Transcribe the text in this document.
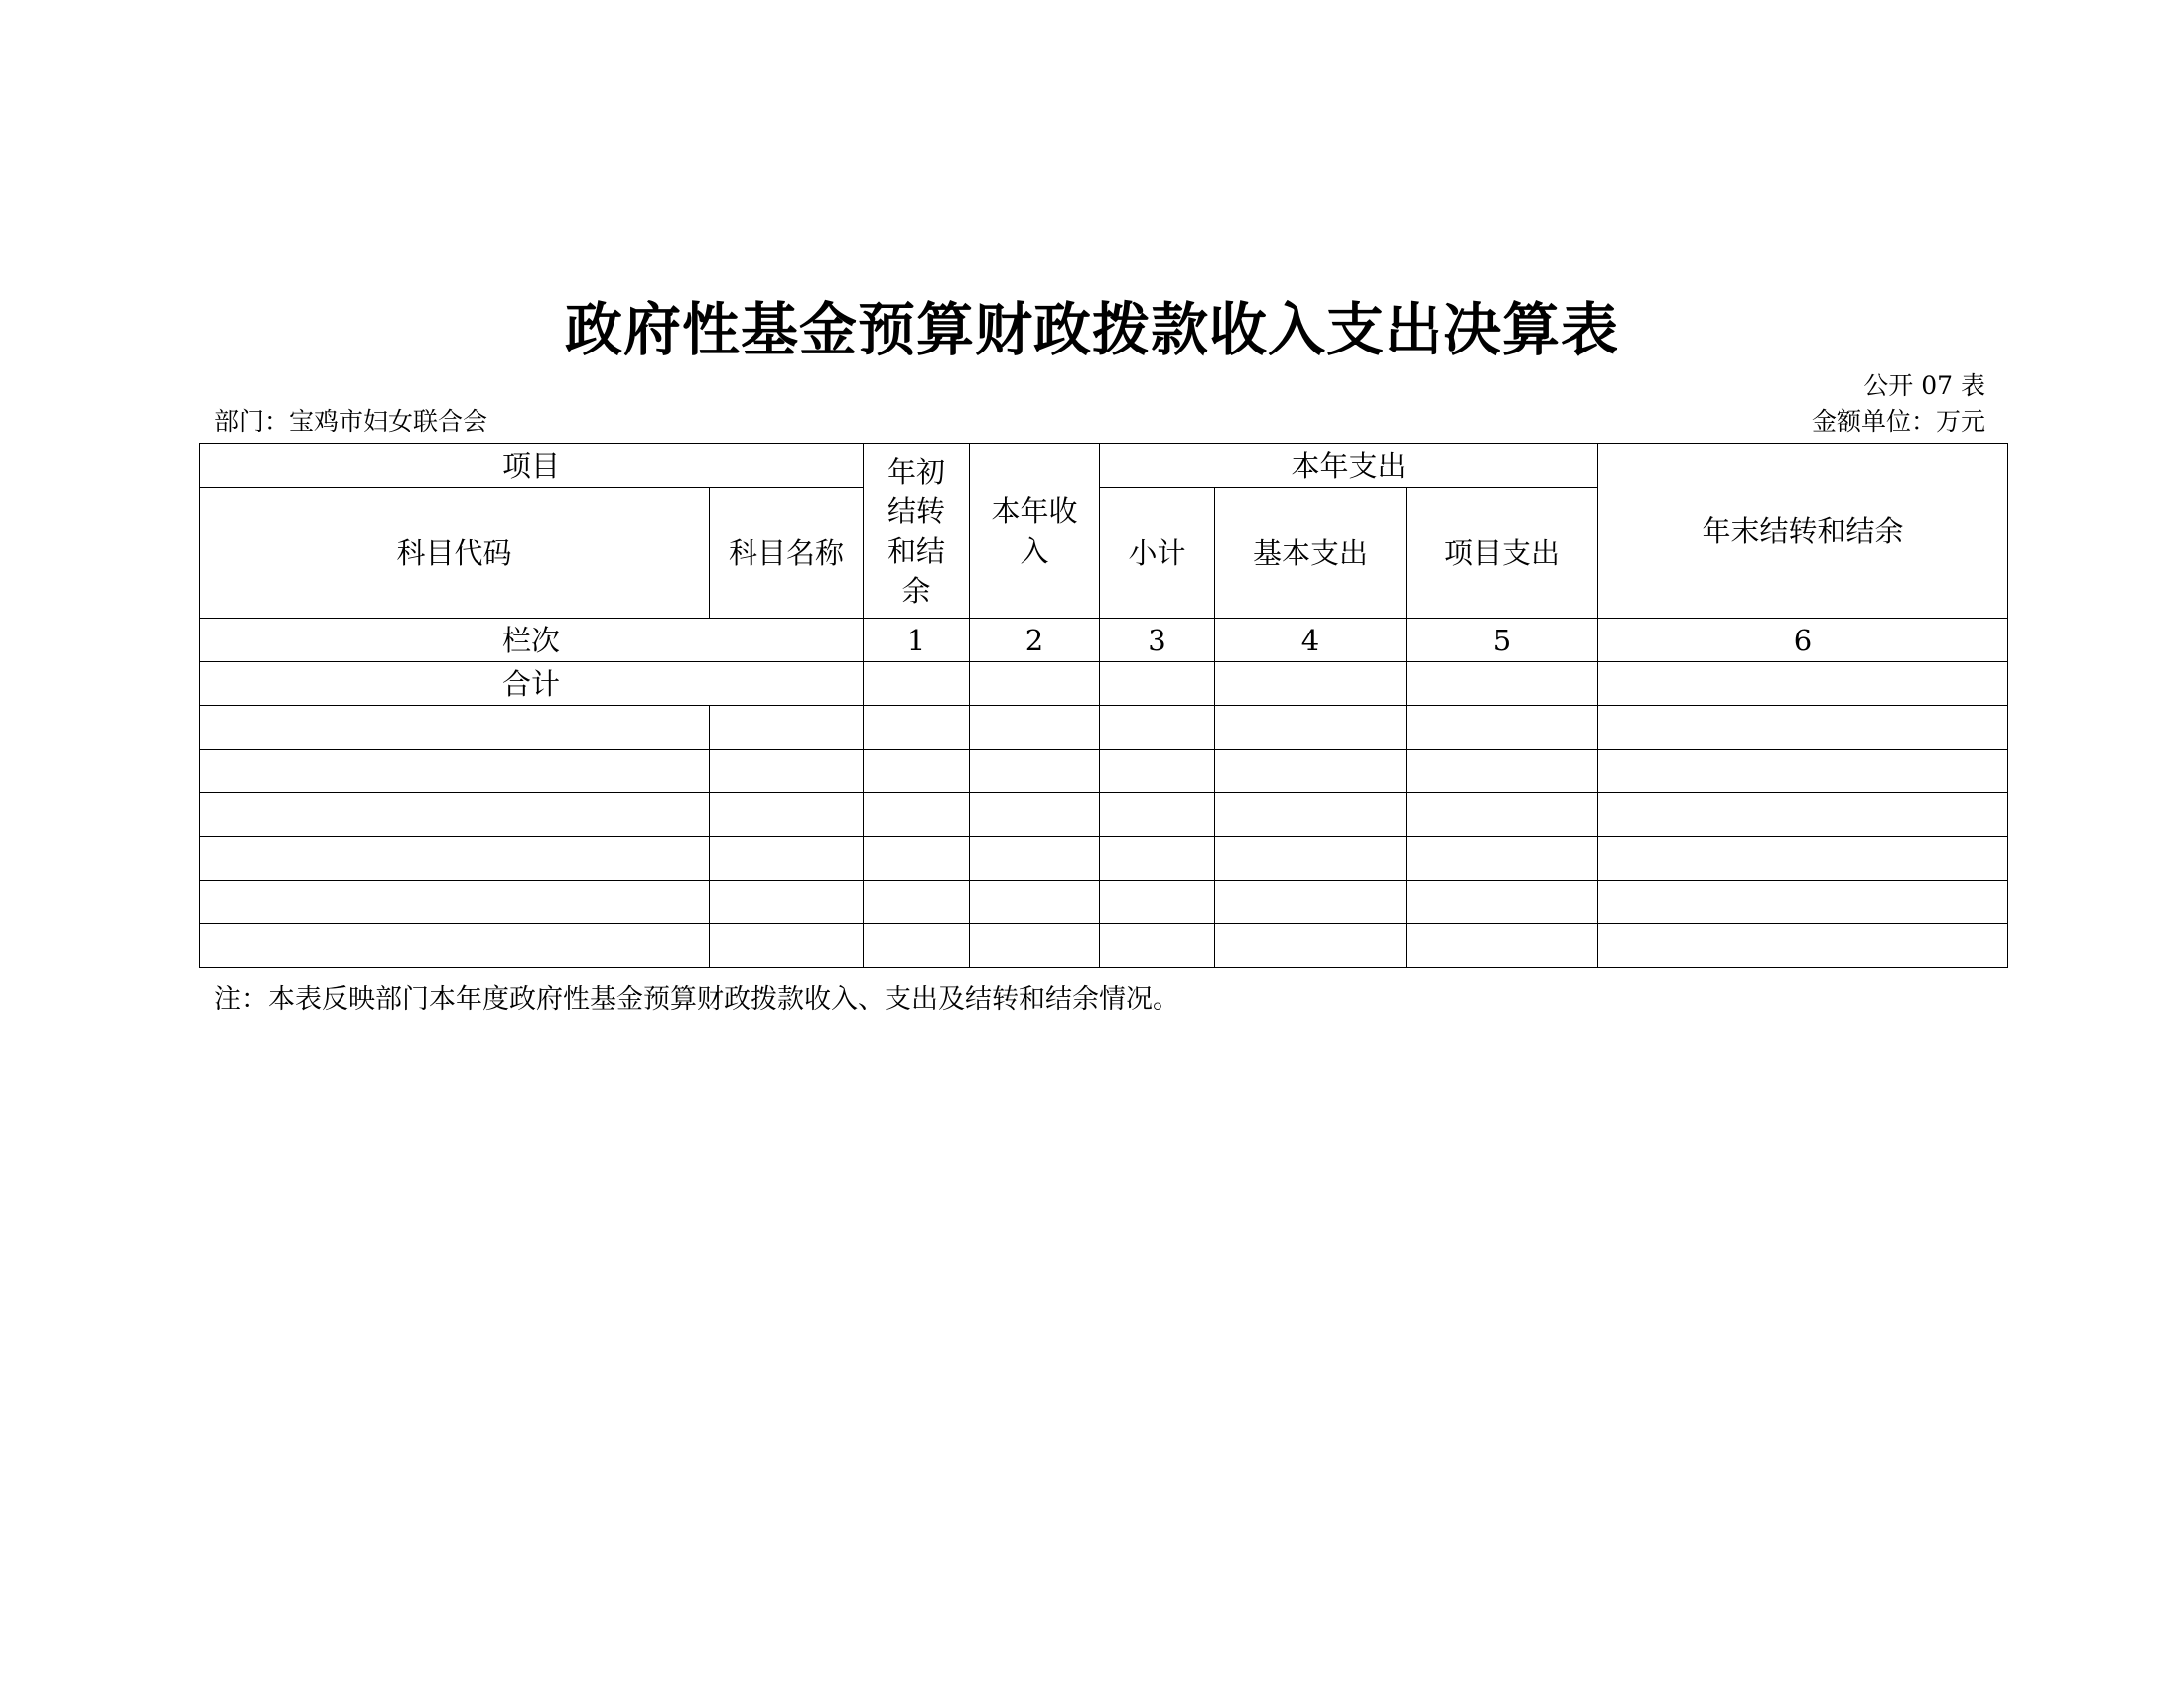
政府性基金预算财政拨款收入支出决算表
公开 07 表
部门：宝鸡市妇女联合会	金额单位：万元
项目		年初结转和结余	本年收入	本年支出			年末结转和结余
科目代码	科目名称			小计	基本支出	项目支出	
栏次		1	2	3	4	5	6
合计							

注：本表反映部门本年度政府性基金预算财政拨款收入、支出及结转和结余情况。
